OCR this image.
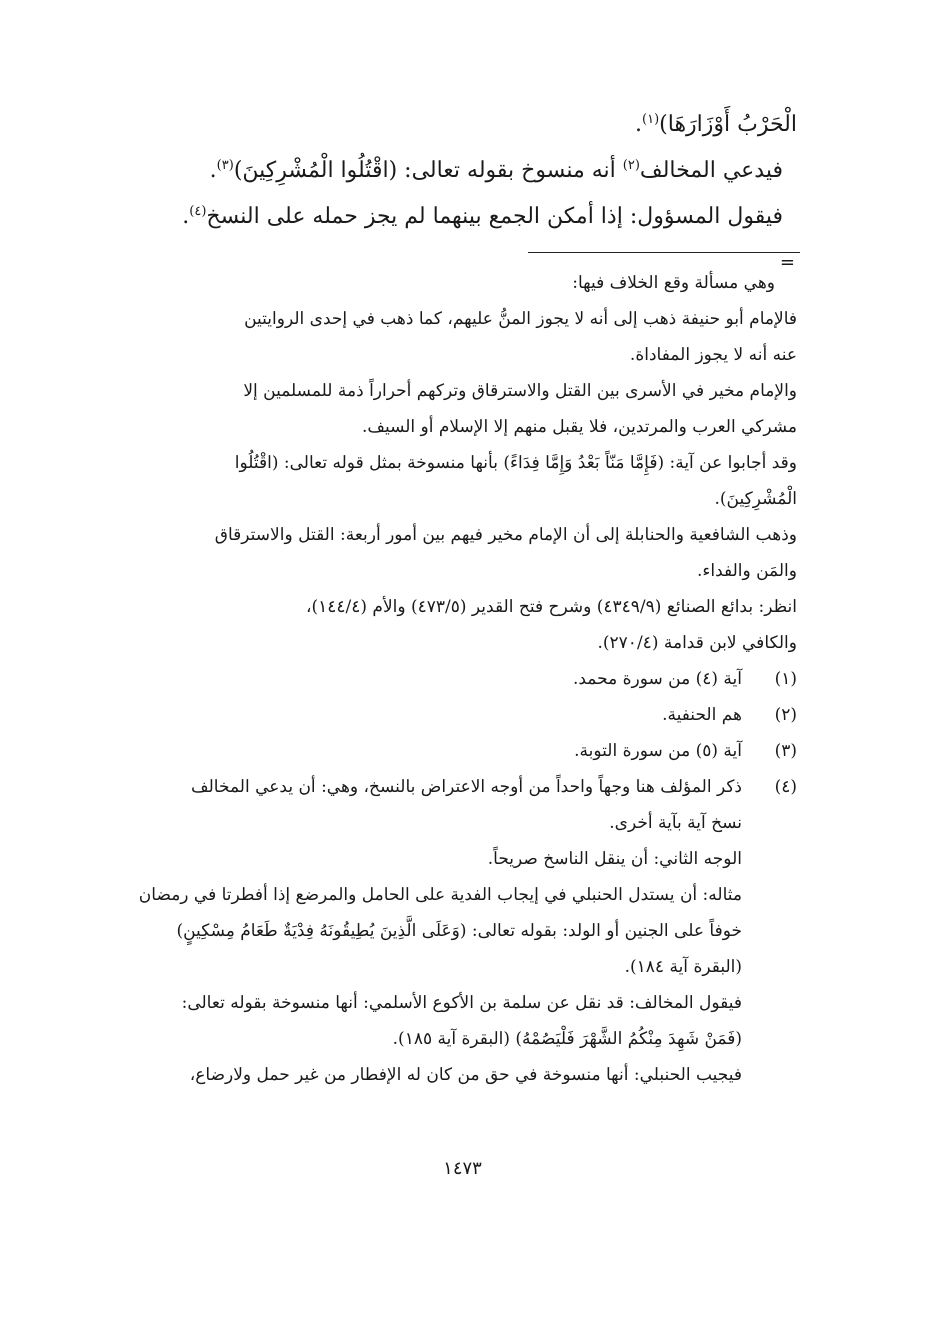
الْحَرْبُ أَوْزَارَهَا)$^{(١)}$.

فيدعي المخالف$^{(٢)}$ أنه منسوخ بقوله تعالى: (اقْتُلُوا الْمُشْرِكِينَ)$^{(٣)}$.

فيقول المسؤول: إذا أمكن الجمع بينهما لم يجز حمله على النسخ$^{(٤)}$.

=

وهي مسألة وقع الخلاف فيها:

فالإمام أبو حنيفة ذهب إلى أنه لا يجوز المنُّ عليهم، كما ذهب في إحدى الروايتين

عنه أنه لا يجوز المفاداة.

والإمام مخير في الأسرى بين القتل والاسترقاق وتركهم أحراراً ذمة للمسلمين إلا

مشركي العرب والمرتدين، فلا يقبل منهم إلا الإسلام أو السيف.

وقد أجابوا عن آية: (فَإِمَّا مَنّاً بَعْدُ وَإِمَّا فِدَاءً) بأنها منسوخة بمثل قوله تعالى: (اقْتُلُوا

الْمُشْرِكِينَ).

وذهب الشافعية والحنابلة إلى أن الإمام مخير فيهم بين أمور أربعة: القتل والاسترقاق

والمَن والفداء.

انظر: بدائع الصنائع (٤٣٤٩/٩) وشرح فتح القدير (٤٧٣/٥) والأم (١٤٤/٤)،

والكافي لابن قدامة (٢٧٠/٤).

(١)

آية (٤) من سورة محمد.

(٢)

هم الحنفية.

(٣)

آية (٥) من سورة التوبة.

(٤)

ذكر المؤلف هنا وجهاً واحداً من أوجه الاعتراض بالنسخ، وهي: أن يدعي المخالف

نسخ آية بآية أخرى.

الوجه الثاني: أن ينقل الناسخ صريحاً.

مثاله: أن يستدل الحنبلي في إيجاب الفدية على الحامل والمرضع إذا أفطرتا في رمضان

خوفاً على الجنين أو الولد: بقوله تعالى: (وَعَلَى الَّذِينَ يُطِيقُونَهُ فِدْيَةٌ طَعَامُ مِسْكِينٍ)

(البقرة آية ١٨٤).

فيقول المخالف: قد نقل عن سلمة بن الأكوع الأسلمي: أنها منسوخة بقوله تعالى:

(فَمَنْ شَهِدَ مِنْكُمُ الشَّهْرَ فَلْيَصُمْهُ) (البقرة آية ١٨٥).

فيجيب الحنبلي: أنها منسوخة في حق من كان له الإفطار من غير حمل ولارضاع،

١٤٧٣
